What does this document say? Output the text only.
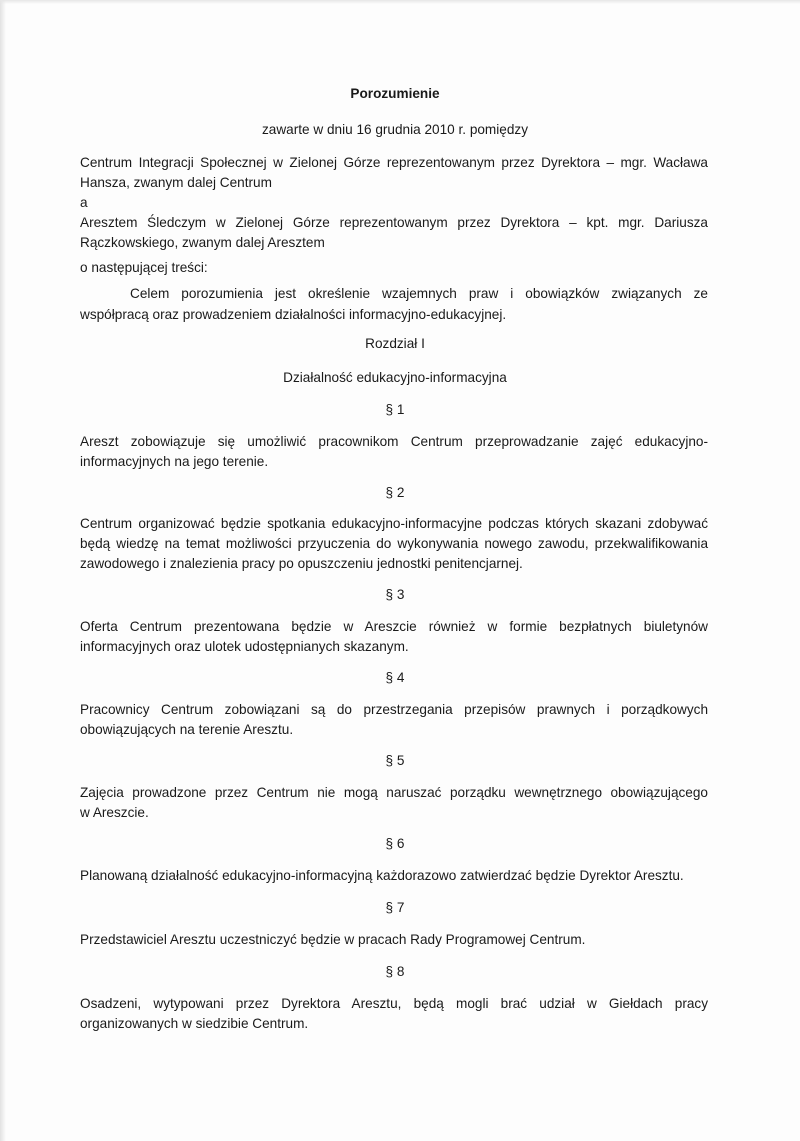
Porozumienie
zawarte w dniu 16 grudnia 2010 r. pomiędzy
Centrum Integracji Społecznej w Zielonej Górze reprezentowanym przez Dyrektora – mgr. Wacława
Hansza, zwanym dalej Centrum
a
Aresztem Śledczym w Zielonej Górze reprezentowanym przez Dyrektora – kpt. mgr. Dariusza
Rączkowskiego, zwanym dalej Aresztem
o następującej treści:
Celem porozumienia jest określenie wzajemnych praw i obowiązków związanych ze
współpracą oraz prowadzeniem działalności informacyjno-edukacyjnej.
Rozdział I
Działalność edukacyjno-informacyjna
§ 1
Areszt zobowiązuje się umożliwić pracownikom Centrum przeprowadzanie zajęć edukacyjno-
informacyjnych na jego terenie.
§ 2
Centrum organizować będzie spotkania edukacyjno-informacyjne podczas których skazani zdobywać
będą wiedzę na temat możliwości przyuczenia do wykonywania nowego zawodu, przekwalifikowania
zawodowego i znalezienia pracy po opuszczeniu jednostki penitencjarnej.
§ 3
Oferta Centrum prezentowana będzie w Areszcie również w formie bezpłatnych biuletynów
informacyjnych oraz ulotek udostępnianych skazanym.
§ 4
Pracownicy Centrum zobowiązani są do przestrzegania przepisów prawnych i porządkowych
obowiązujących na terenie Aresztu.
§ 5
Zajęcia prowadzone przez Centrum nie mogą naruszać porządku wewnętrznego obowiązującego
w Areszcie.
§ 6
Planowaną działalność edukacyjno-informacyjną każdorazowo zatwierdzać będzie Dyrektor Aresztu.
§ 7
Przedstawiciel Aresztu uczestniczyć będzie w pracach Rady Programowej Centrum.
§ 8
Osadzeni, wytypowani przez Dyrektora Aresztu, będą mogli brać udział w Giełdach pracy
organizowanych w siedzibie Centrum.
